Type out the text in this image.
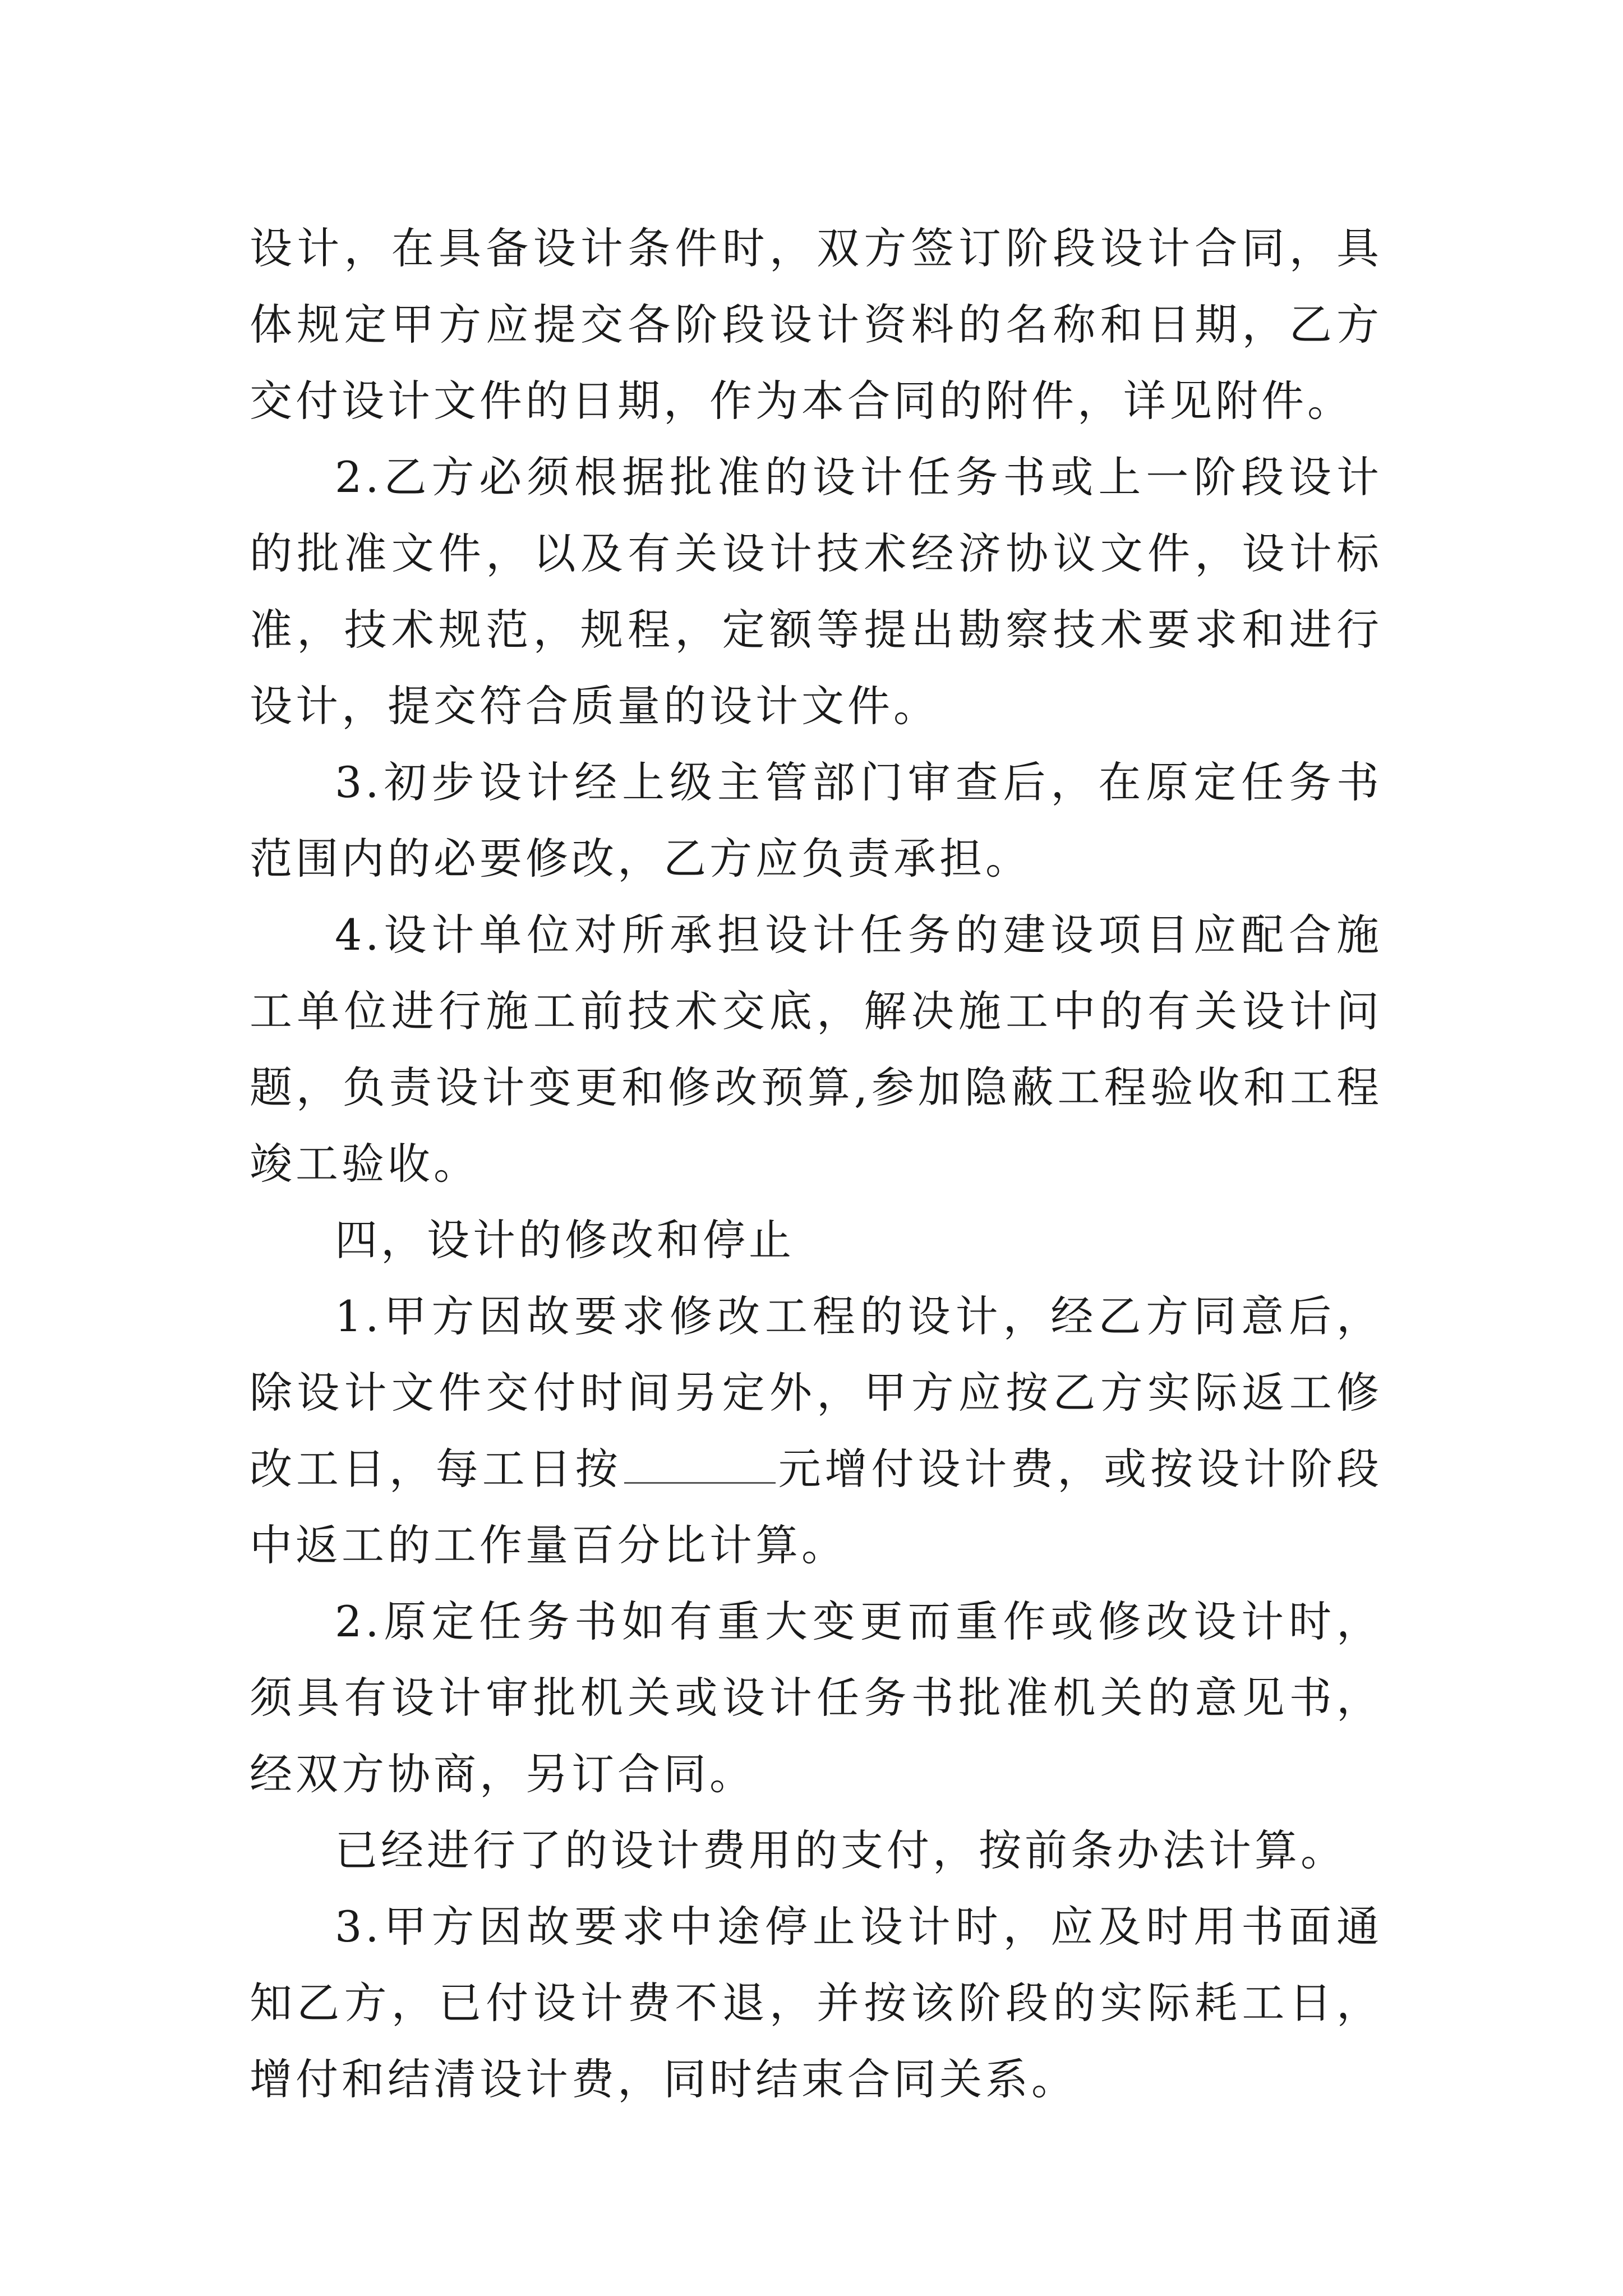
设计，在具备设计条件时，双方签订阶段设计合同，具体规定甲方应提交各阶段设计资料的名称和日期，乙方交付设计文件的日期，作为本合同的附件，详见附件。

2.乙方必须根据批准的设计任务书或上一阶段设计的批准文件，以及有关设计技术经济协议文件，设计标准，技术规范，规程，定额等提出勘察技术要求和进行设计，提交符合质量的设计文件。

3.初步设计经上级主管部门审查后，在原定任务书范围内的必要修改，乙方应负责承担。

4.设计单位对所承担设计任务的建设项目应配合施工单位进行施工前技术交底，解决施工中的有关设计问题，负责设计变更和修改预算,参加隐蔽工程验收和工程竣工验收。

四，设计的修改和停止

1.甲方因故要求修改工程的设计，经乙方同意后，除设计文件交付时间另定外，甲方应按乙方实际返工修改工日，每工日按	元增付设计费，或按设计阶段中返工的工作量百分比计算。

2.原定任务书如有重大变更而重作或修改设计时，须具有设计审批机关或设计任务书批准机关的意见书，经双方协商，另订合同。

已经进行了的设计费用的支付，按前条办法计算。

3.甲方因故要求中途停止设计时，应及时用书面通知乙方，已付设计费不退，并按该阶段的实际耗工日，增付和结清设计费，同时结束合同关系。
